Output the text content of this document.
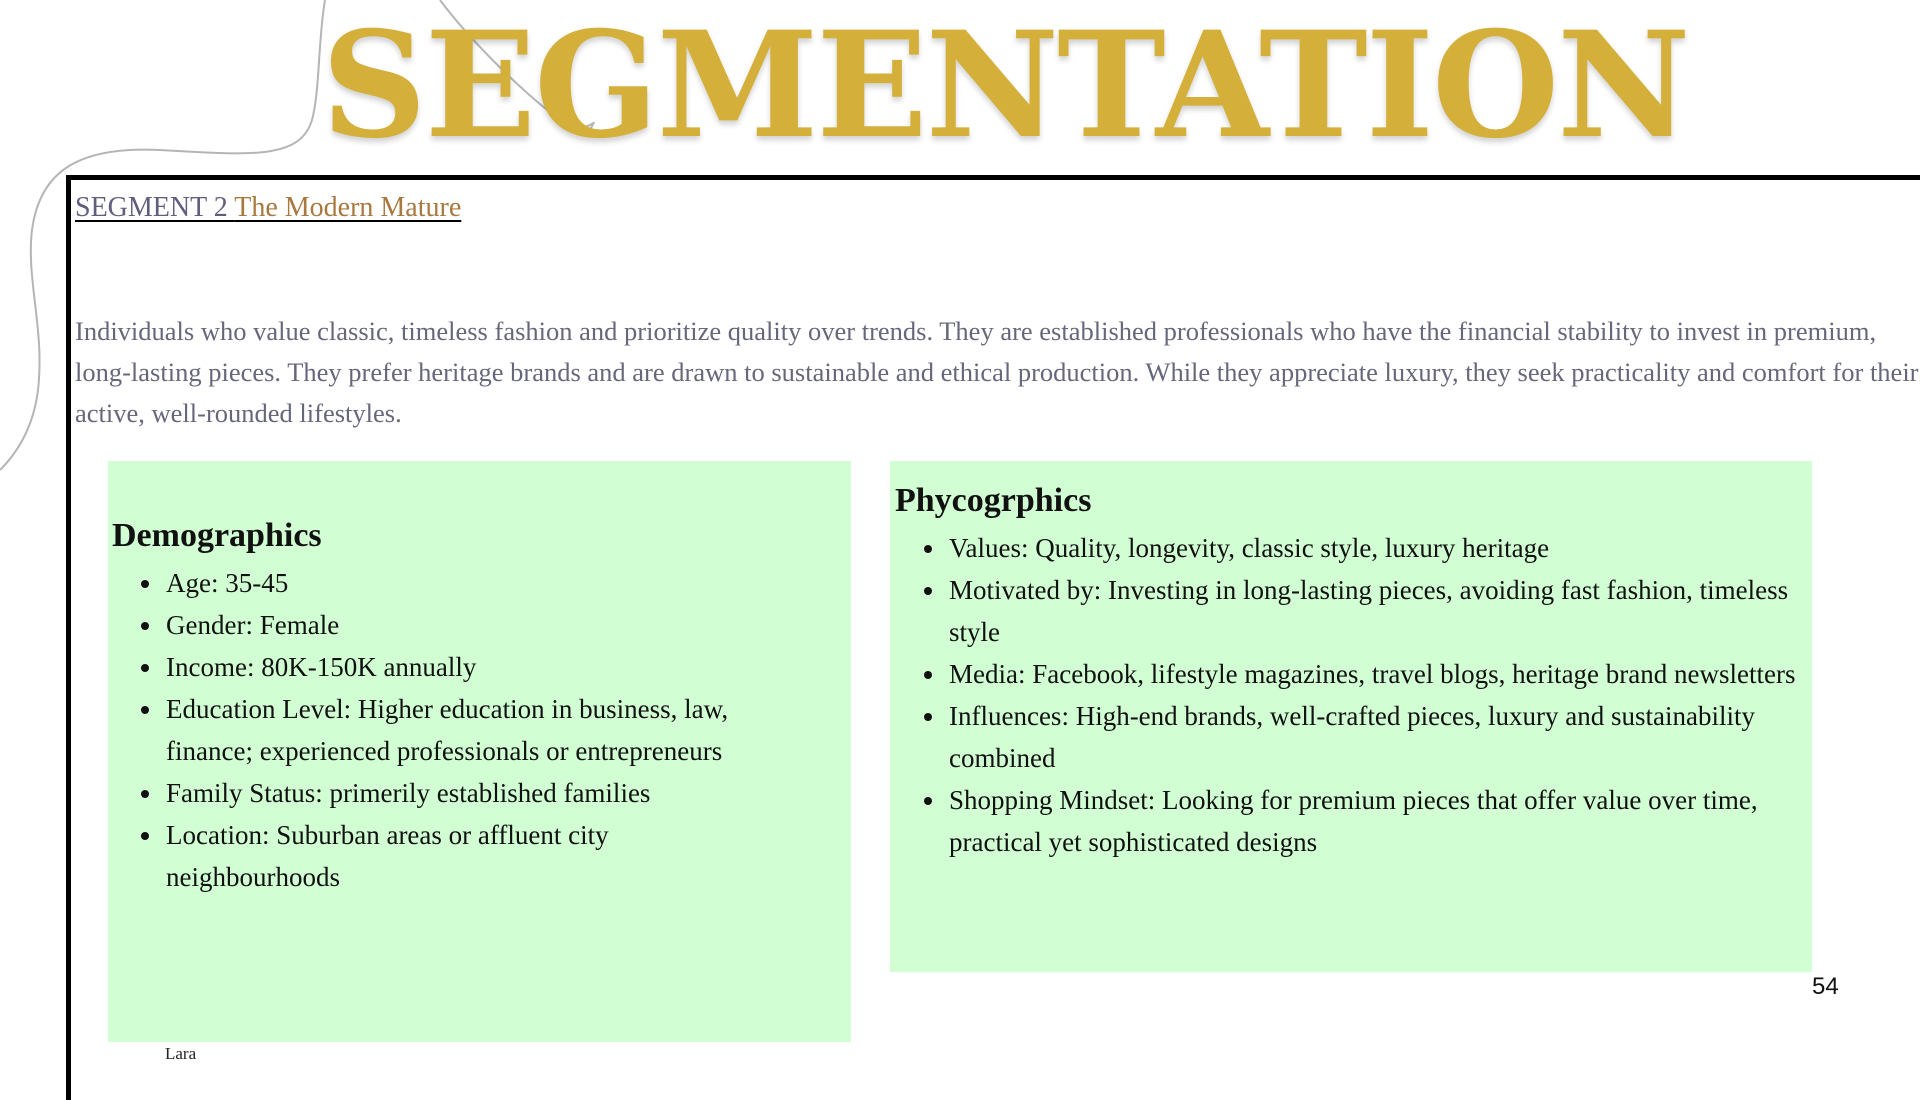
SEGMENTATION
SEGMENT 2 The Modern Mature
Individuals who value classic, timeless fashion and prioritize quality over trends. They are established professionals who have the financial stability to invest in premium, long-lasting pieces. They prefer heritage brands and are drawn to sustainable and ethical production. While they appreciate luxury, they seek practicality and comfort for their active, well-rounded lifestyles.
Demographics
• Age: 35-45
• Gender: Female
• Income: 80K-150K annually
• Education Level: Higher education in business, law, finance; experienced professionals or entrepreneurs
• Family Status: primerily established families
• Location: Suburban areas or affluent city neighbourhoods
Phycogrphics
• Values: Quality, longevity, classic style, luxury heritage
• Motivated by: Investing in long-lasting pieces, avoiding fast fashion, timeless style
• Media: Facebook, lifestyle magazines, travel blogs, heritage brand newsletters
• Influences: High-end brands, well-crafted pieces, luxury and sustainability combined
• Shopping Mindset: Looking for premium pieces that offer value over time, practical yet sophisticated designs
54
Lara
